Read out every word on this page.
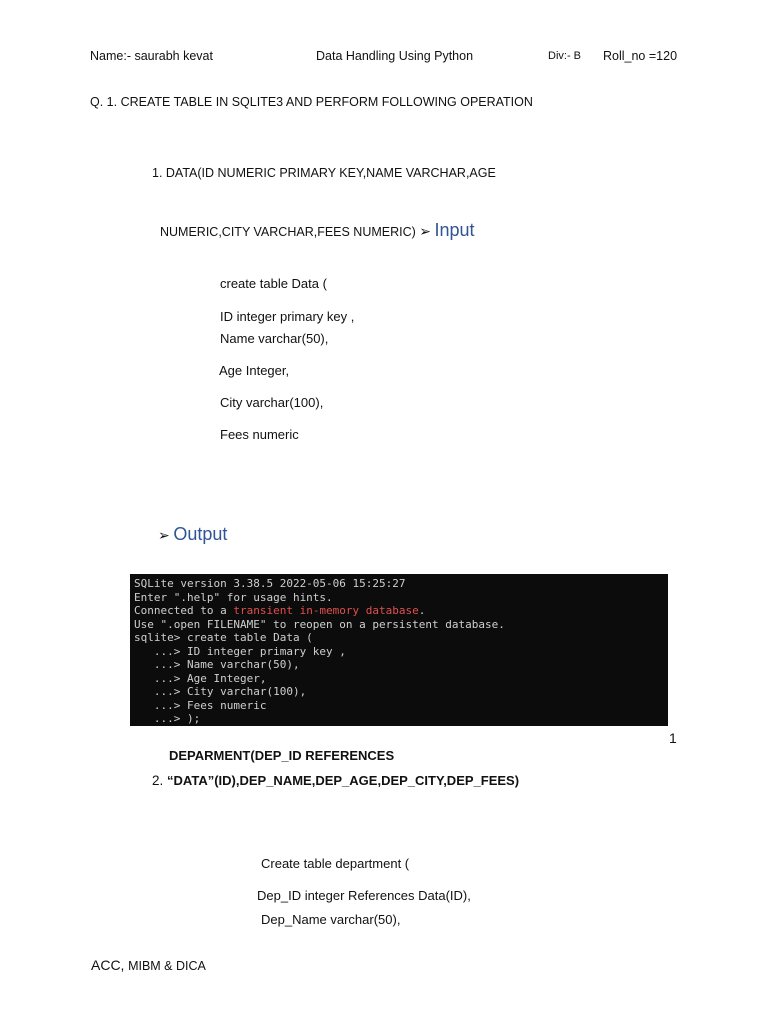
Name:- saurabh kevat	Data Handling Using Python	Div:- B Roll_no =120
Q. 1. CREATE TABLE IN SQLITE3 AND PERFORM FOLLOWING OPERATION
1. DATA(ID NUMERIC PRIMARY KEY,NAME VARCHAR,AGE
NUMERIC,CITY VARCHAR,FEES NUMERIC) ➢ Input
create table Data (
ID integer primary key ,
Name varchar(50),
Age Integer,
City varchar(100),
Fees numeric
➢ Output
SQLite version 3.38.5 2022-05-06 15:25:27
Enter ".help" for usage hints.
Connected to a transient in-memory database.
Use ".open FILENAME" to reopen on a persistent database.
sqlite> create table Data (
...> ID integer primary key ,
...> Name varchar(50),
...> Age Integer,
...> City varchar(100),
...> Fees numeric
...> );
1
DEPARMENT(DEP_ID REFERENCES
2. “DATA”(ID),DEP_NAME,DEP_AGE,DEP_CITY,DEP_FEES)
Create table department (
Dep_ID integer References Data(ID),
Dep_Name varchar(50),
ACC, MIBM & DICA
